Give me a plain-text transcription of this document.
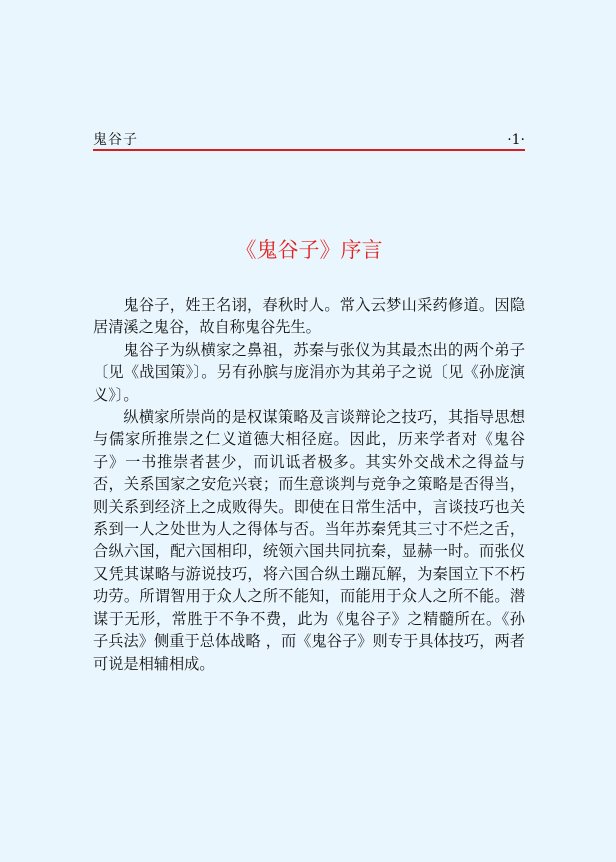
鬼谷子	·1·
《鬼谷子》序言

鬼谷子，姓王名诩，春秋时人。常入云梦山采药修道。因隐居清溪之鬼谷，故自称鬼谷先生。

鬼谷子为纵横家之鼻祖，苏秦与张仪为其最杰出的两个弟子〔见《战国策》〕。另有孙膑与庞涓亦为其弟子之说〔见《孙庞演义》〕。

纵横家所崇尚的是权谋策略及言谈辩论之技巧，其指导思想与儒家所推崇之仁义道德大相径庭。因此，历来学者对《鬼谷子》一书推崇者甚少，而讥诋者极多。其实外交战术之得益与否，关系国家之安危兴衰；而生意谈判与竞争之策略是否得当，则关系到经济上之成败得失。即使在日常生活中，言谈技巧也关系到一人之处世为人之得体与否。当年苏秦凭其三寸不烂之舌，合纵六国，配六国相印，统领六国共同抗秦，显赫一时。而张仪又凭其谋略与游说技巧，将六国合纵土蹦瓦解，为秦国立下不朽功劳。所谓智用于众人之所不能知，而能用于众人之所不能。潜谋于无形，常胜于不争不费，此为《鬼谷子》之精髓所在。《孙子兵法》侧重于总体战略 ，而《鬼谷子》则专于具体技巧，两者可说是相辅相成。
